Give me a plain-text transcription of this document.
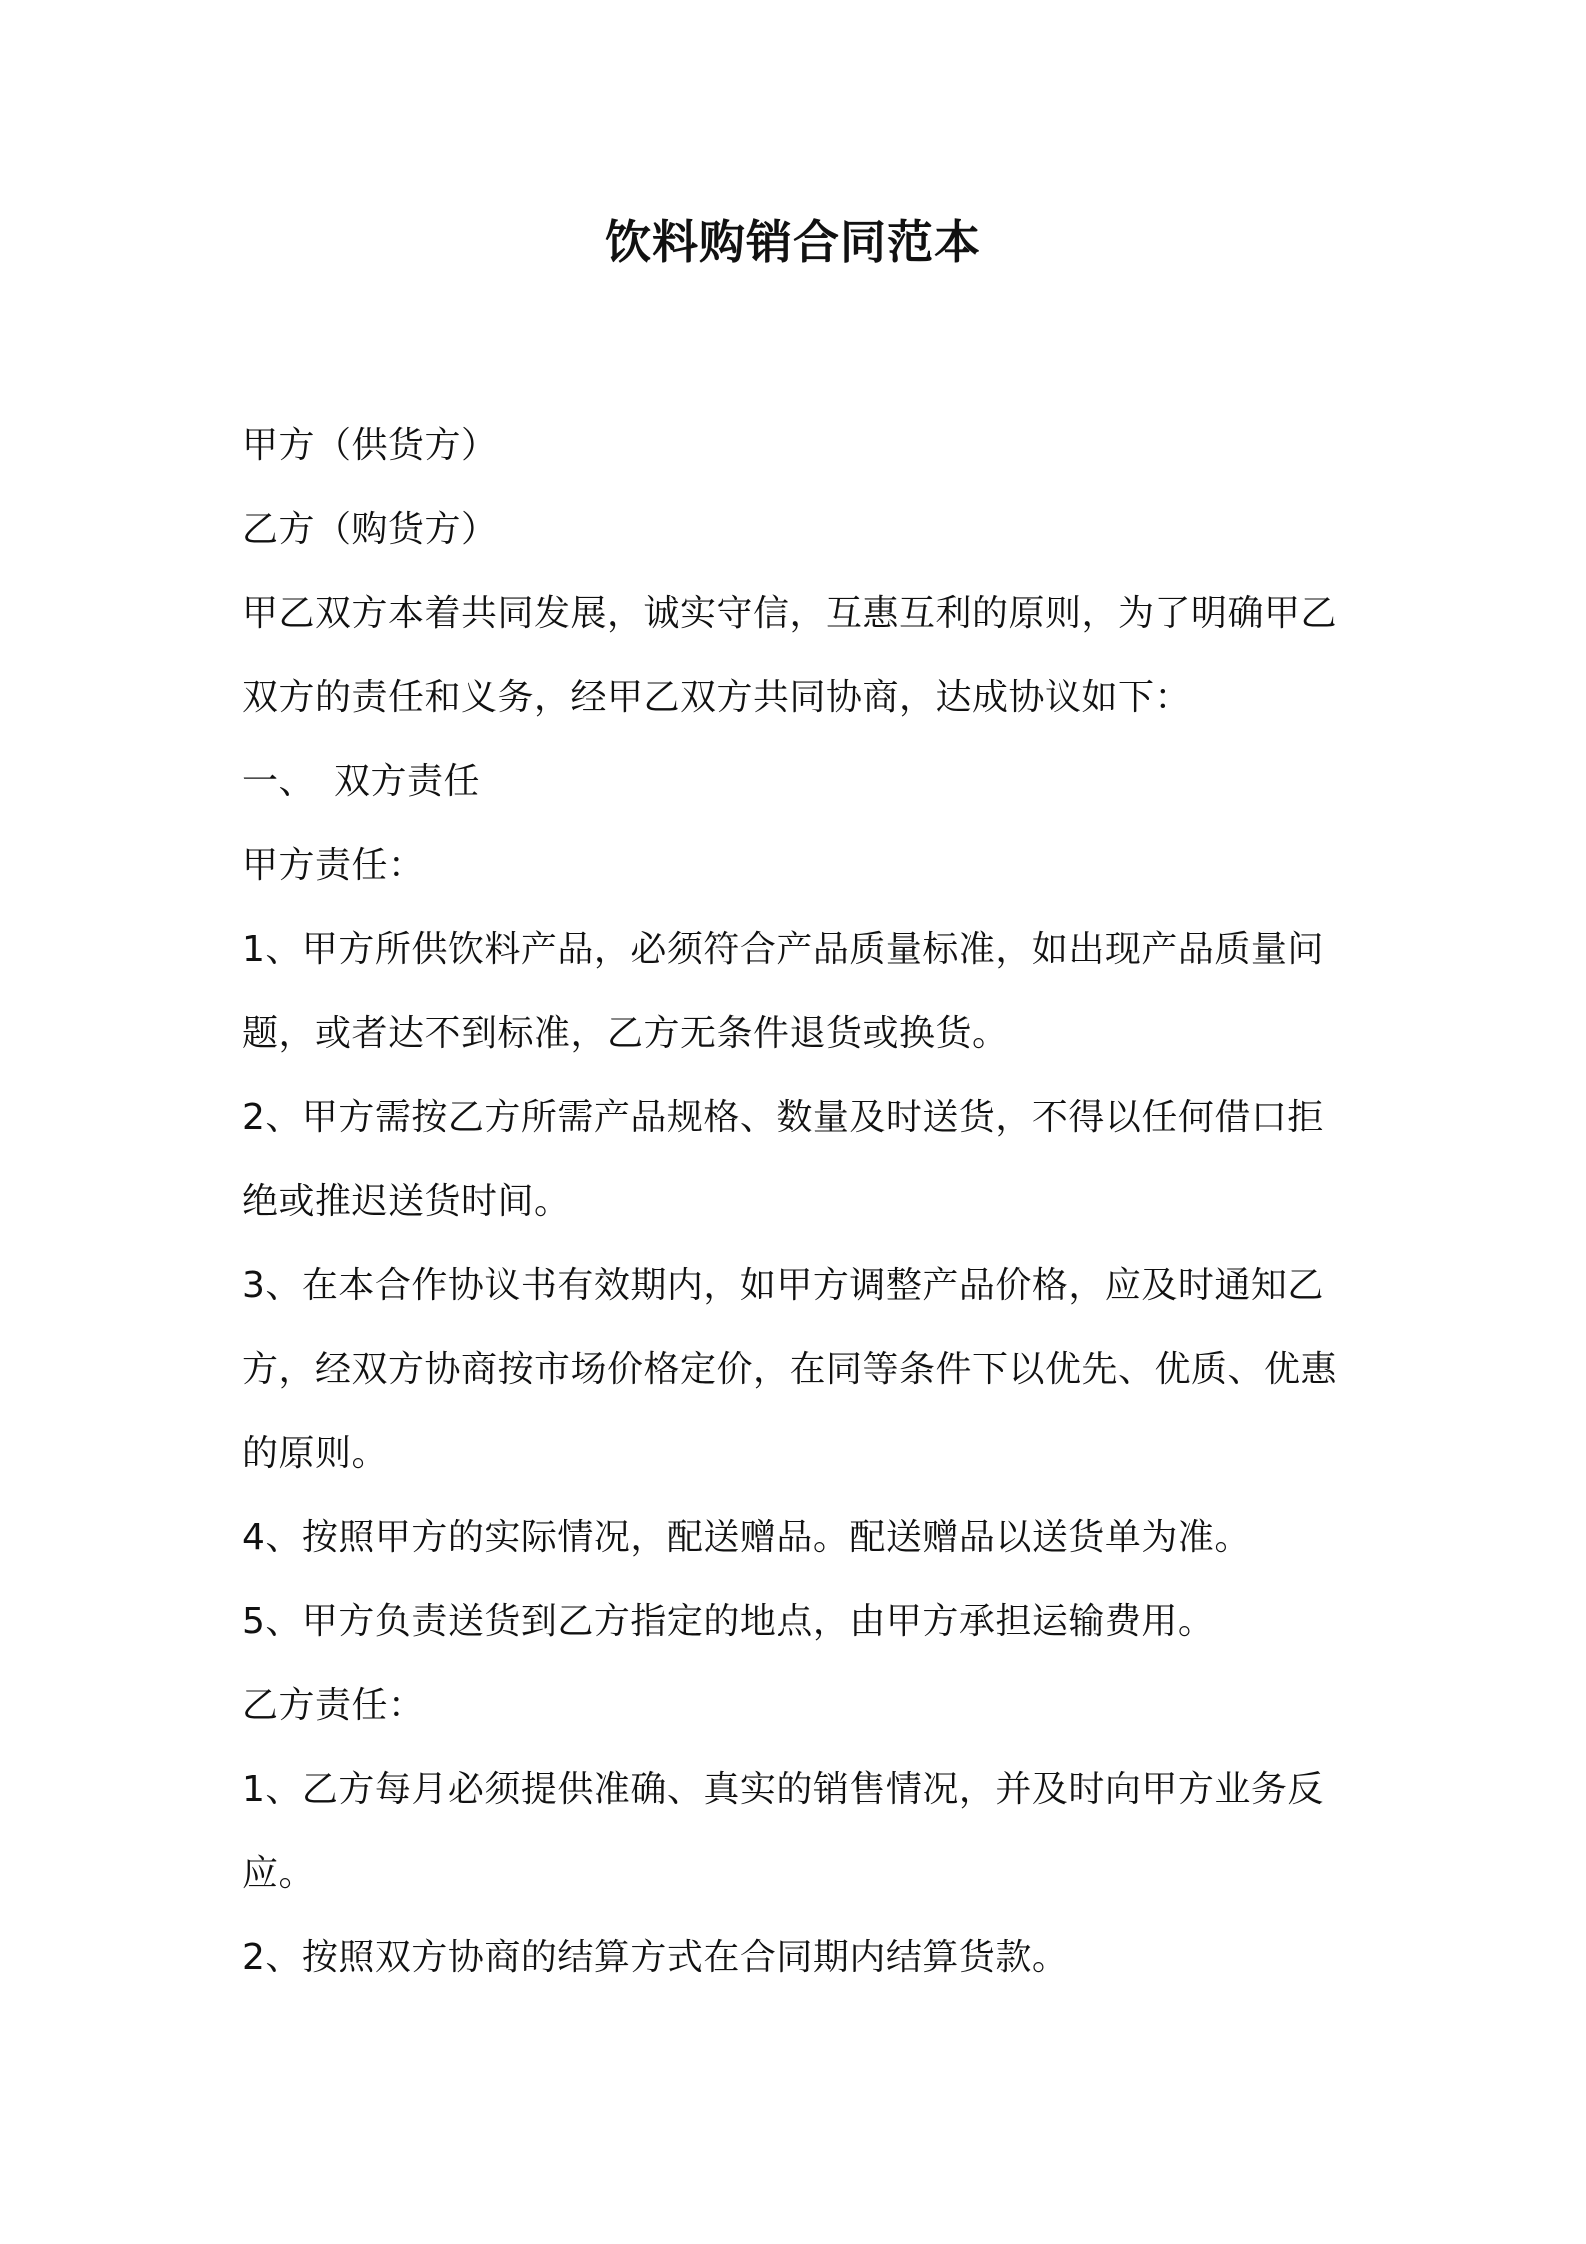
饮料购销合同范本
甲方（供货方）
乙方（购货方）
甲乙双方本着共同发展，诚实守信，互惠互利的原则，为了明确甲乙
双方的责任和义务，经甲乙双方共同协商，达成协议如下：
一、 双方责任
甲方责任：
1、甲方所供饮料产品，必须符合产品质量标准，如出现产品质量问
题，或者达不到标准，乙方无条件退货或换货。
2、甲方需按乙方所需产品规格、数量及时送货，不得以任何借口拒
绝或推迟送货时间。
3、在本合作协议书有效期内，如甲方调整产品价格，应及时通知乙
方，经双方协商按市场价格定价，在同等条件下以优先、优质、优惠
的原则。
4、按照甲方的实际情况，配送赠品。配送赠品以送货单为准。
5、甲方负责送货到乙方指定的地点，由甲方承担运输费用。
乙方责任：
1、乙方每月必须提供准确、真实的销售情况，并及时向甲方业务反
应。
2、按照双方协商的结算方式在合同期内结算货款。
